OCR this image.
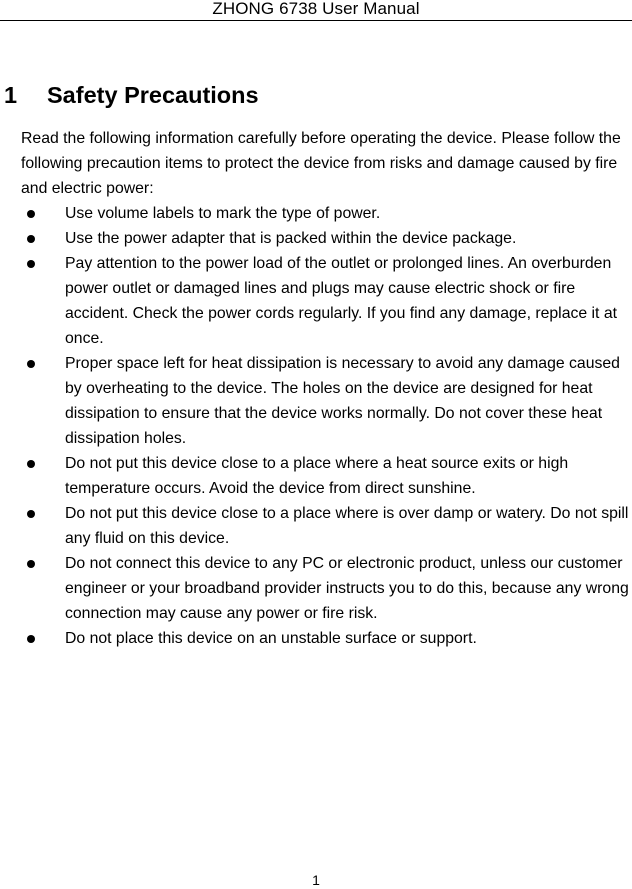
ZHONG 6738 User Manual
1 Safety Precautions

Read the following information carefully before operating the device. Please follow the following precaution items to protect the device from risks and damage caused by fire and electric power:

Use volume labels to mark the type of power.
Use the power adapter that is packed within the device package.
Pay attention to the power load of the outlet or prolonged lines. An overburden power outlet or damaged lines and plugs may cause electric shock or fire accident. Check the power cords regularly. If you find any damage, replace it at once.
Proper space left for heat dissipation is necessary to avoid any damage caused by overheating to the device. The holes on the device are designed for heat dissipation to ensure that the device works normally. Do not cover these heat dissipation holes.
Do not put this device close to a place where a heat source exits or high temperature occurs. Avoid the device from direct sunshine.
Do not put this device close to a place where is over damp or watery. Do not spill any fluid on this device.
Do not connect this device to any PC or electronic product, unless our customer engineer or your broadband provider instructs you to do this, because any wrong connection may cause any power or fire risk.
Do not place this device on an unstable surface or support.
1
